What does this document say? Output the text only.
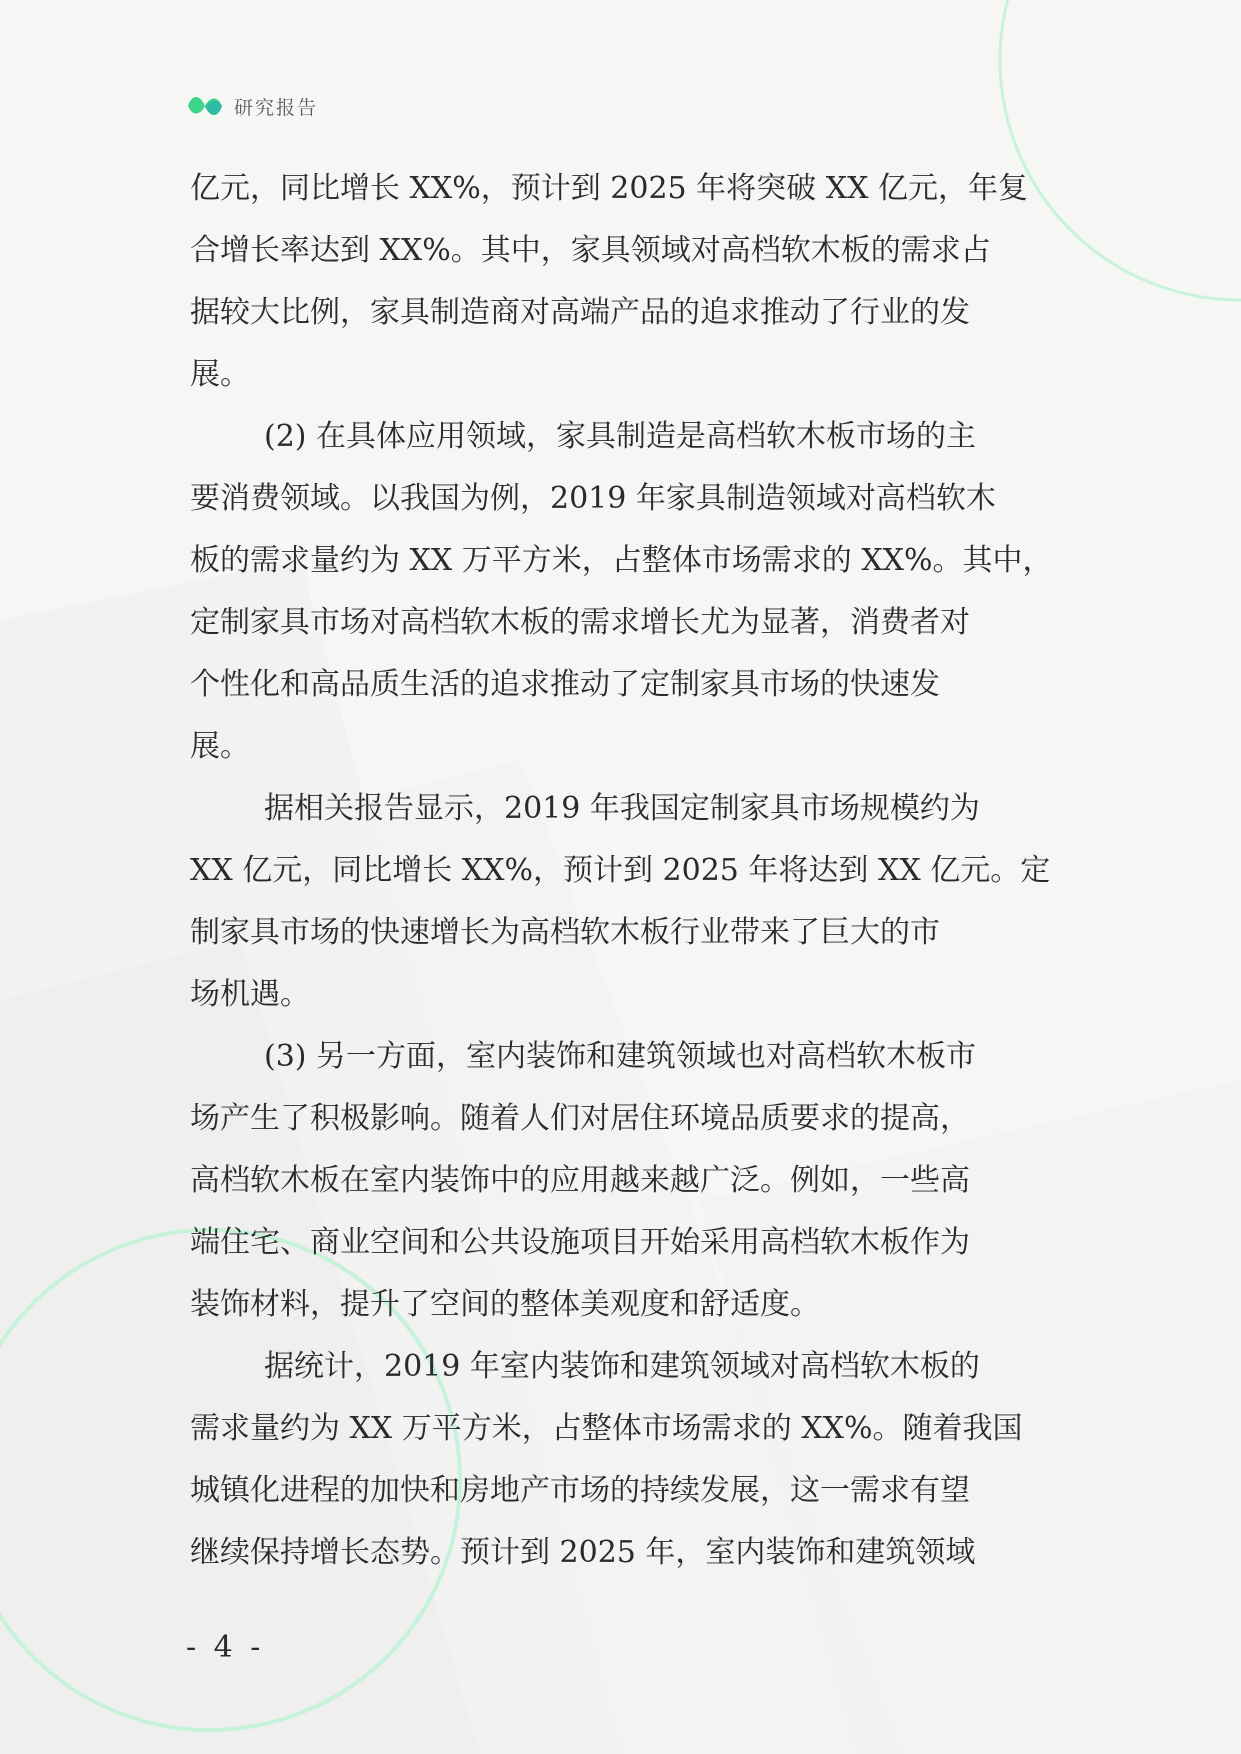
研究报告
亿元，同比增长 XX%，预计到 2025 年将突破 XX 亿元，年复
合增长率达到 XX%。其中，家具领域对高档软木板的需求占
据较大比例，家具制造商对高端产品的追求推动了行业的发
展。
(2) 在具体应用领域，家具制造是高档软木板市场的主
要消费领域。以我国为例，2019 年家具制造领域对高档软木
板的需求量约为 XX 万平方米，占整体市场需求的 XX%。其中，
定制家具市场对高档软木板的需求增长尤为显著，消费者对
个性化和高品质生活的追求推动了定制家具市场的快速发
展。
据相关报告显示，2019 年我国定制家具市场规模约为
XX 亿元，同比增长 XX%，预计到 2025 年将达到 XX 亿元。定
制家具市场的快速增长为高档软木板行业带来了巨大的市
场机遇。
(3) 另一方面，室内装饰和建筑领域也对高档软木板市
场产生了积极影响。随着人们对居住环境品质要求的提高，
高档软木板在室内装饰中的应用越来越广泛。例如，一些高
端住宅、商业空间和公共设施项目开始采用高档软木板作为
装饰材料，提升了空间的整体美观度和舒适度。
据统计，2019 年室内装饰和建筑领域对高档软木板的
需求量约为 XX 万平方米，占整体市场需求的 XX%。随着我国
城镇化进程的加快和房地产市场的持续发展，这一需求有望
继续保持增长态势。预计到 2025 年，室内装饰和建筑领域
- 4 -
